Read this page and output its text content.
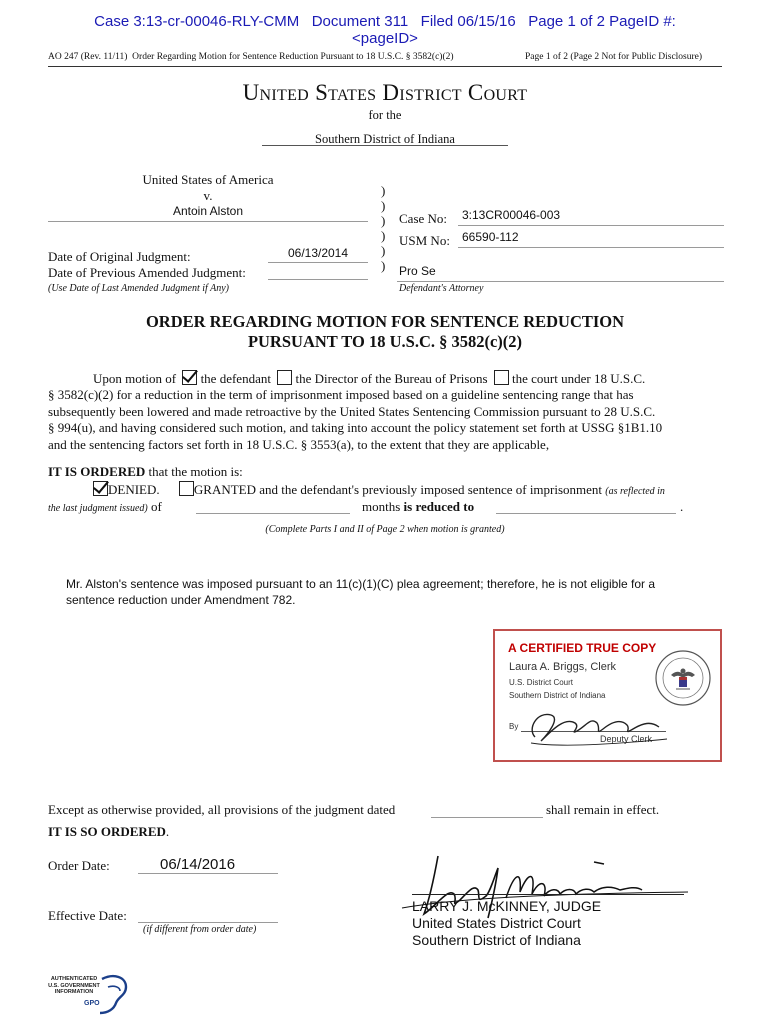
Case 3:13-cr-00046-RLY-CMM   Document 311   Filed 06/15/16   Page 1 of 2 PageID #:
<pageID>
AO 247 (Rev. 11/11)  Order Regarding Motion for Sentence Reduction Pursuant to 18 U.S.C. § 3582(c)(2)	Page 1 of 2 (Page 2 Not for Public Disclosure)
United States District Court
for the
Southern District of Indiana
United States of America
v.
Antoin Alston
Date of Original Judgment:	06/13/2014
Date of Previous Amended Judgment:
(Use Date of Last Amended Judgment if Any)
)
)
)
)
)
)
Case No: 3:13CR00046-003
USM No: 66590-112
Pro Se
Defendant's Attorney
ORDER REGARDING MOTION FOR SENTENCE REDUCTION
PURSUANT TO 18 U.S.C. § 3582(c)(2)
Upon motion of the defendant the Director of the Bureau of Prisons the court under 18 U.S.C.
§ 3582(c)(2) for a reduction in the term of imprisonment imposed based on a guideline sentencing range that has
subsequently been lowered and made retroactive by the United States Sentencing Commission pursuant to 28 U.S.C.
§ 994(u), and having considered such motion, and taking into account the policy statement set forth at USSG §1B1.10
and the sentencing factors set forth in 18 U.S.C. § 3553(a), to the extent that they are applicable,
IT IS ORDERED that the motion is:
DENIED.	GRANTED and the defendant's previously imposed sentence of imprisonment (as reflected in
the last judgment issued) of	months is reduced to	.
(Complete Parts I and II of Page 2 when motion is granted)
Mr. Alston's sentence was imposed pursuant to an 11(c)(1)(C) plea agreement; therefore, he is not eligible for a
sentence reduction under Amendment 782.
A CERTIFIED TRUE COPY
Laura A. Briggs, Clerk
U.S. District Court
Southern District of Indiana
By
Deputy Clerk
Except as otherwise provided, all provisions of the judgment dated	shall remain in effect.
IT IS SO ORDERED.
Order Date:	06/14/2016
Effective Date:
(if different from order date)
LARRY J. McKINNEY, JUDGE
United States District Court
Southern District of Indiana
AUTHENTICATED
U.S. GOVERNMENT
INFORMATION
GPO
